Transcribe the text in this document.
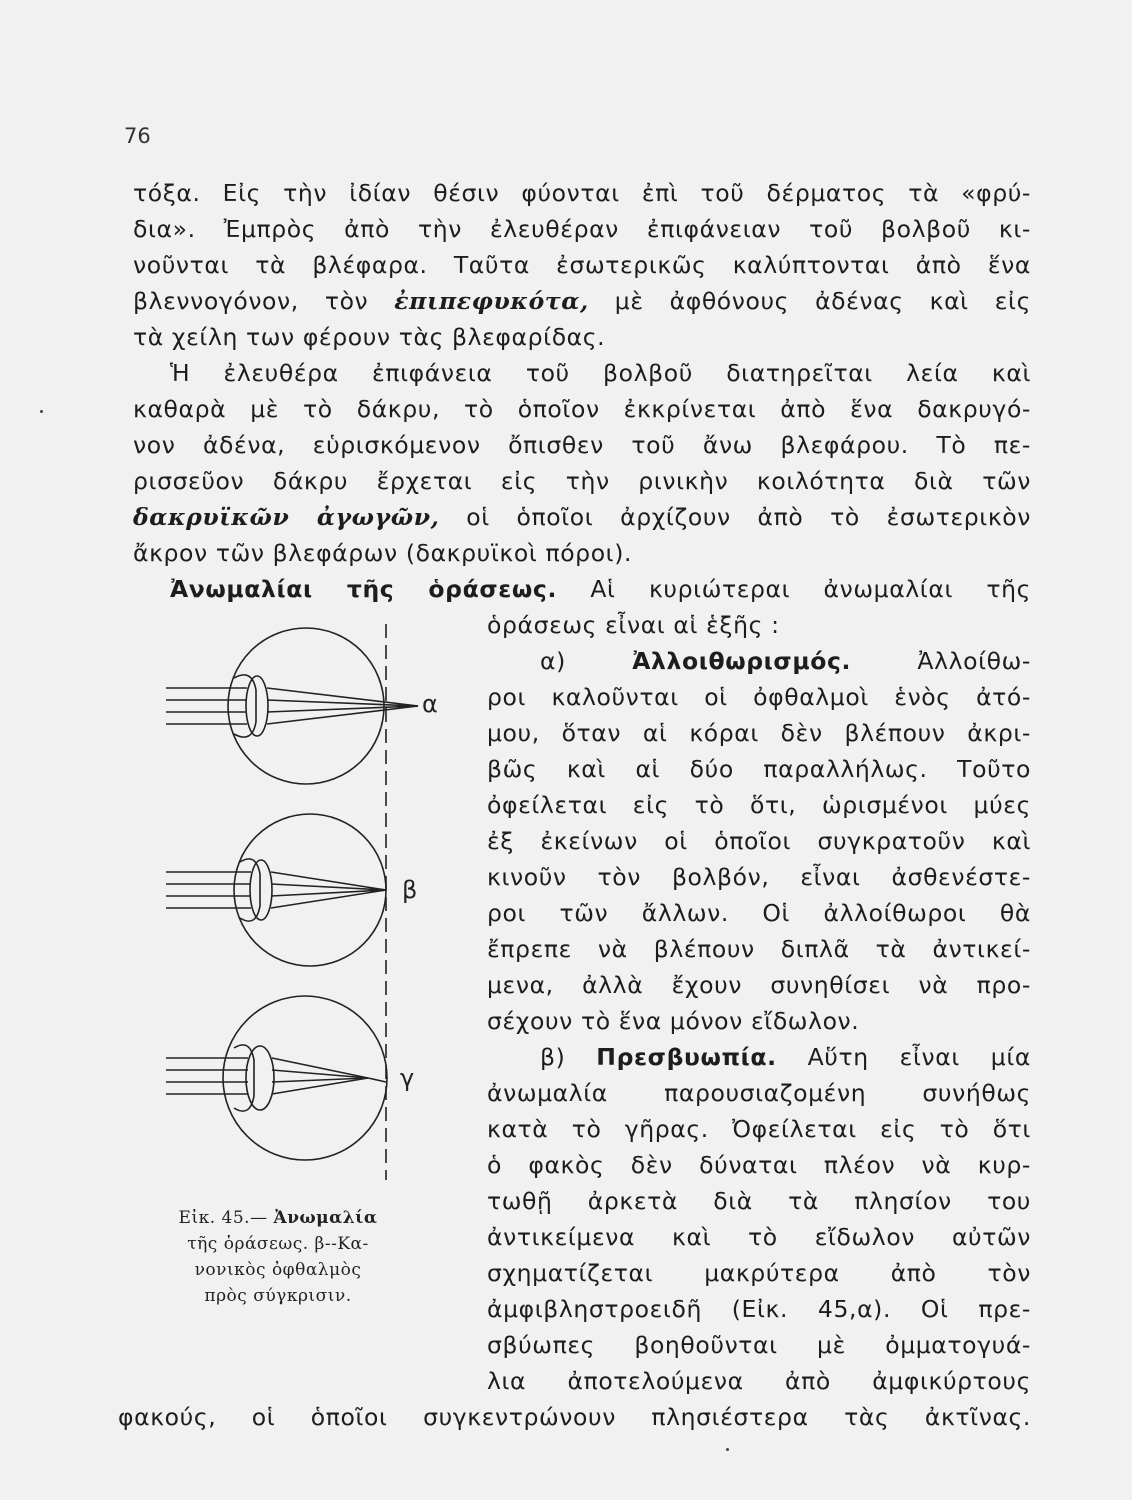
76
τόξα. Εἰς τὴν ἰδίαν θέσιν φύονται ἐπὶ τοῦ δέρματος τὰ «φρύ-
δια». Ἐμπρὸς ἀπὸ τὴν ἐλευθέραν ἐπιφάνειαν τοῦ βολβοῦ κι-
νοῦνται τὰ βλέφαρα. Ταῦτα ἐσωτερικῶς καλύπτονται ἀπὸ ἕνα
βλεννογόνον, τὸν ἐπιπεφυκότα, μὲ ἀφθόνους ἀδένας καὶ εἰς
τὰ χείλη των φέρουν τὰς βλεφαρίδας.
Ἡ ἐλευθέρα ἐπιφάνεια τοῦ βολβοῦ διατηρεῖται λεία καὶ
καθαρὰ μὲ τὸ δάκρυ, τὸ ὁποῖον ἐκκρίνεται ἀπὸ ἕνα δακρυγό-
νον ἀδένα, εὑρισκόμενον ὄπισθεν τοῦ ἄνω βλεφάρου. Τὸ πε-
ρισσεῦον δάκρυ ἔρχεται εἰς τὴν ρινικὴν κοιλότητα διὰ τῶν
δακρυϊκῶν ἀγωγῶν, οἱ ὁποῖοι ἀρχίζουν ἀπὸ τὸ ἐσωτερικὸν
ἄκρον τῶν βλεφάρων (δακρυϊκοὶ πόροι).
Ἀνωμαλίαι τῆς ὁράσεως. Αἱ κυριώτεραι ἀνωμαλίαι τῆς
ὁράσεως εἶναι αἱ ἑξῆς :
α) Ἀλλοιθωρισμός. Ἀλλοίθω-
ροι καλοῦνται οἱ ὀφθαλμοὶ ἑνὸς ἀτό-
μου, ὅταν αἱ κόραι δὲν βλέπουν ἀκρι-
βῶς καὶ αἱ δύο παραλλήλως. Τοῦτο
ὀφείλεται εἰς τὸ ὅτι, ὡρισμένοι μύες
ἐξ ἐκείνων οἱ ὁποῖοι συγκρατοῦν καὶ
κινοῦν τὸν βολβόν, εἶναι ἀσθενέστε-
ροι τῶν ἄλλων. Οἱ ἀλλοίθωροι θὰ
ἔπρεπε νὰ βλέπουν διπλᾶ τὰ ἀντικεί-
μενα, ἀλλὰ ἔχουν συνηθίσει νὰ προ-
σέχουν τὸ ἕνα μόνον εἴδωλον.
β) Πρεσβυωπία. Αὕτη εἶναι μία
ἀνωμαλία παρουσιαζομένη συνήθως
κατὰ τὸ γῆρας. Ὀφείλεται εἰς τὸ ὅτι
ὁ φακὸς δὲν δύναται πλέον νὰ κυρ-
τωθῇ ἀρκετὰ διὰ τὰ πλησίον του
ἀντικείμενα καὶ τὸ εἴδωλον αὐτῶν
σχηματίζεται μακρύτερα ἀπὸ τὸν
ἀμφιβληστροειδῆ (Εἰκ. 45,α). Οἱ πρε-
σβύωπες βοηθοῦνται μὲ ὀμματογυά-
λια ἀποτελούμενα ἀπὸ ἀμφικύρτους
φακούς, οἱ ὁποῖοι συγκεντρώνουν πλησιέστερα τὰς ἀκτῖνας.
α
β
γ
Εἰκ. 45.— Ἀνωμαλία
τῆς ὁράσεως. β--Κα-
νονικὸς ὀφθαλμὸς
πρὸς σύγκρισιν.
